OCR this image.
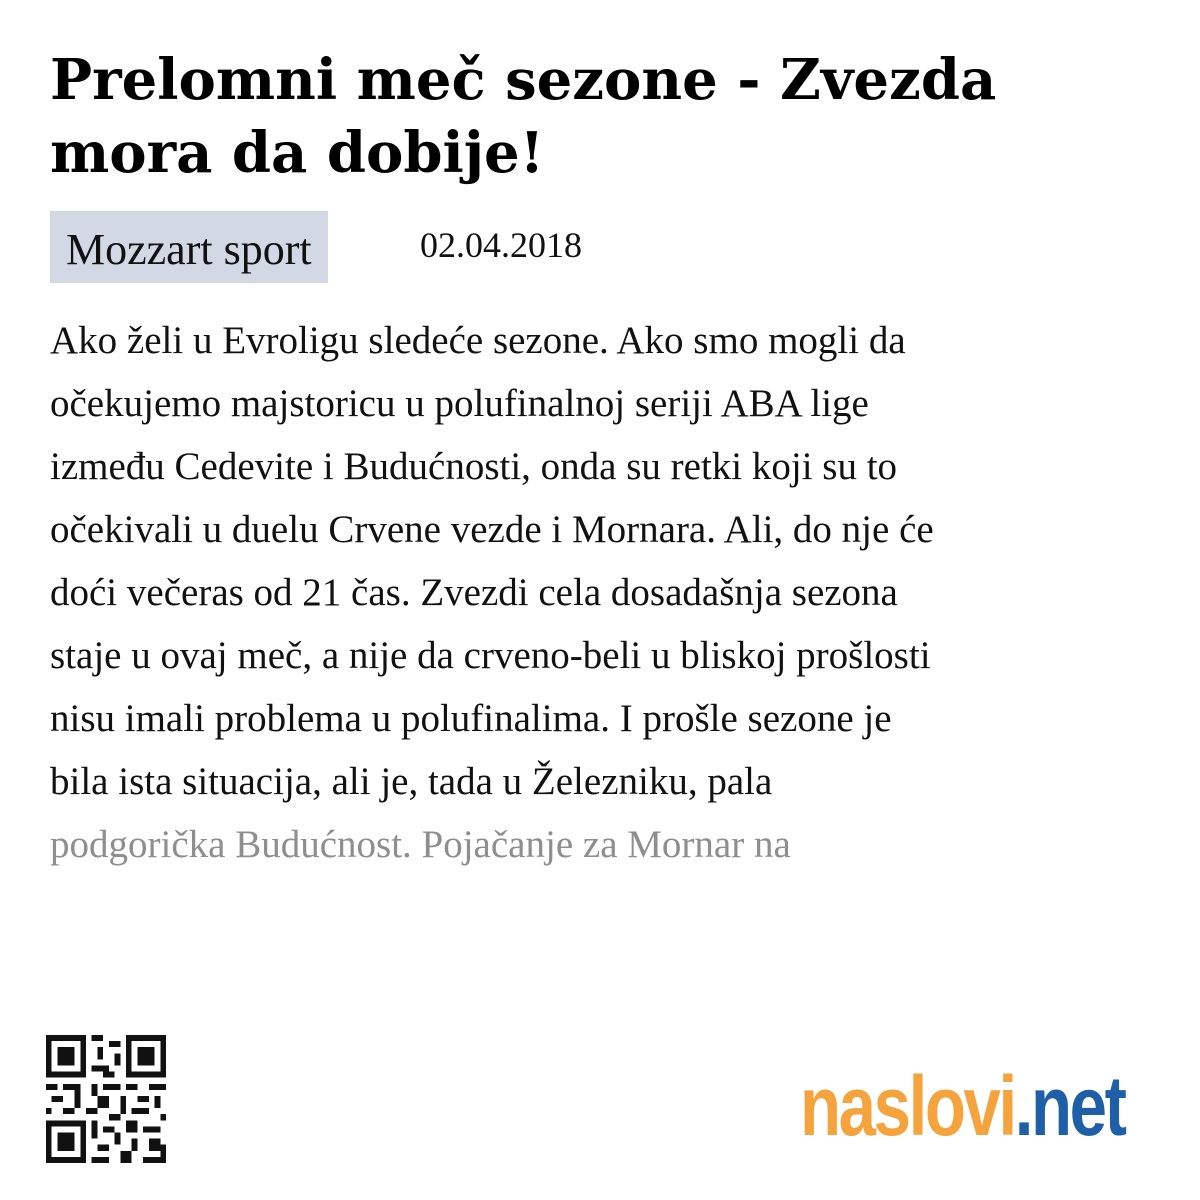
Prelomni meč sezone - Zvezda mora da dobije!
Mozzart sport	02.04.2018

Ako želi u Evroligu sledeće sezone. Ako smo mogli da

očekujemo majstoricu u polufinalnoj seriji ABA lige

između Cedevite i Budućnosti, onda su retki koji su to

očekivali u duelu Crvene vezde i Mornara. Ali, do nje će

doći večeras od 21 čas. Zvezdi cela dosadašnja sezona

staje u ovaj meč, a nije da crveno-beli u bliskoj prošlosti

nisu imali problema u polufinalima. I prošle sezone je

bila ista situacija, ali je, tada u Železniku, pala

podgorička Budućnost. Pojačanje za Mornar na

naslovi.net
